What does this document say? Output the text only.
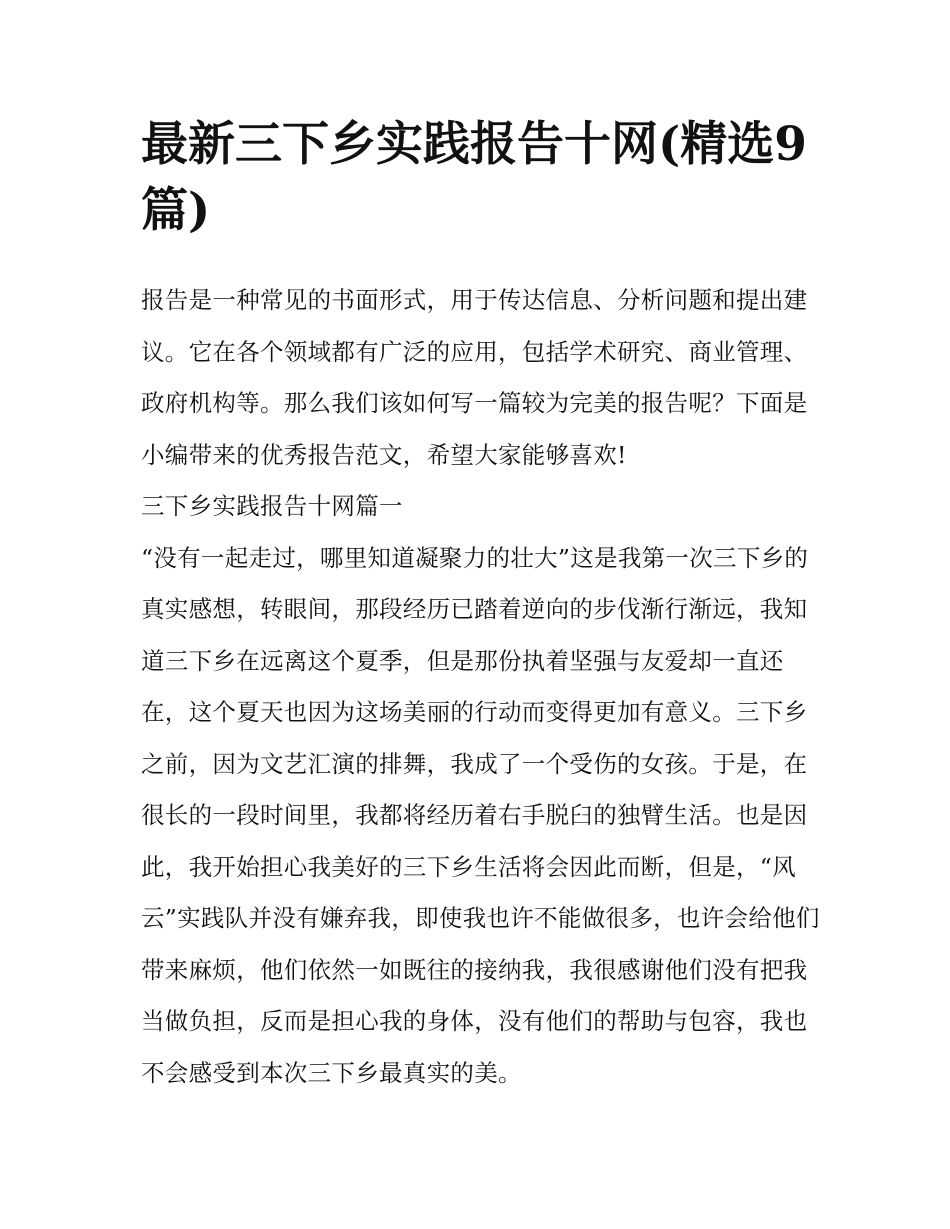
最新三下乡实践报告十网(精选9篇)

报告是一种常见的书面形式，用于传达信息、分析问题和提出建议。它在各个领域都有广泛的应用，包括学术研究、商业管理、政府机构等。那么我们该如何写一篇较为完美的报告呢？下面是小编带来的优秀报告范文，希望大家能够喜欢!

三下乡实践报告十网篇一

“没有一起走过，哪里知道凝聚力的壮大”这是我第一次三下乡的真实感想，转眼间，那段经历已踏着逆向的步伐渐行渐远，我知道三下乡在远离这个夏季，但是那份执着坚强与友爱却一直还在，这个夏天也因为这场美丽的行动而变得更加有意义。三下乡之前，因为文艺汇演的排舞，我成了一个受伤的女孩。于是，在很长的一段时间里，我都将经历着右手脱臼的独臂生活。也是因此，我开始担心我美好的三下乡生活将会因此而断，但是，“风云”实践队并没有嫌弃我，即使我也许不能做很多，也许会给他们带来麻烦，他们依然一如既往的接纳我，我很感谢他们没有把我当做负担，反而是担心我的身体，没有他们的帮助与包容，我也不会感受到本次三下乡最真实的美。
